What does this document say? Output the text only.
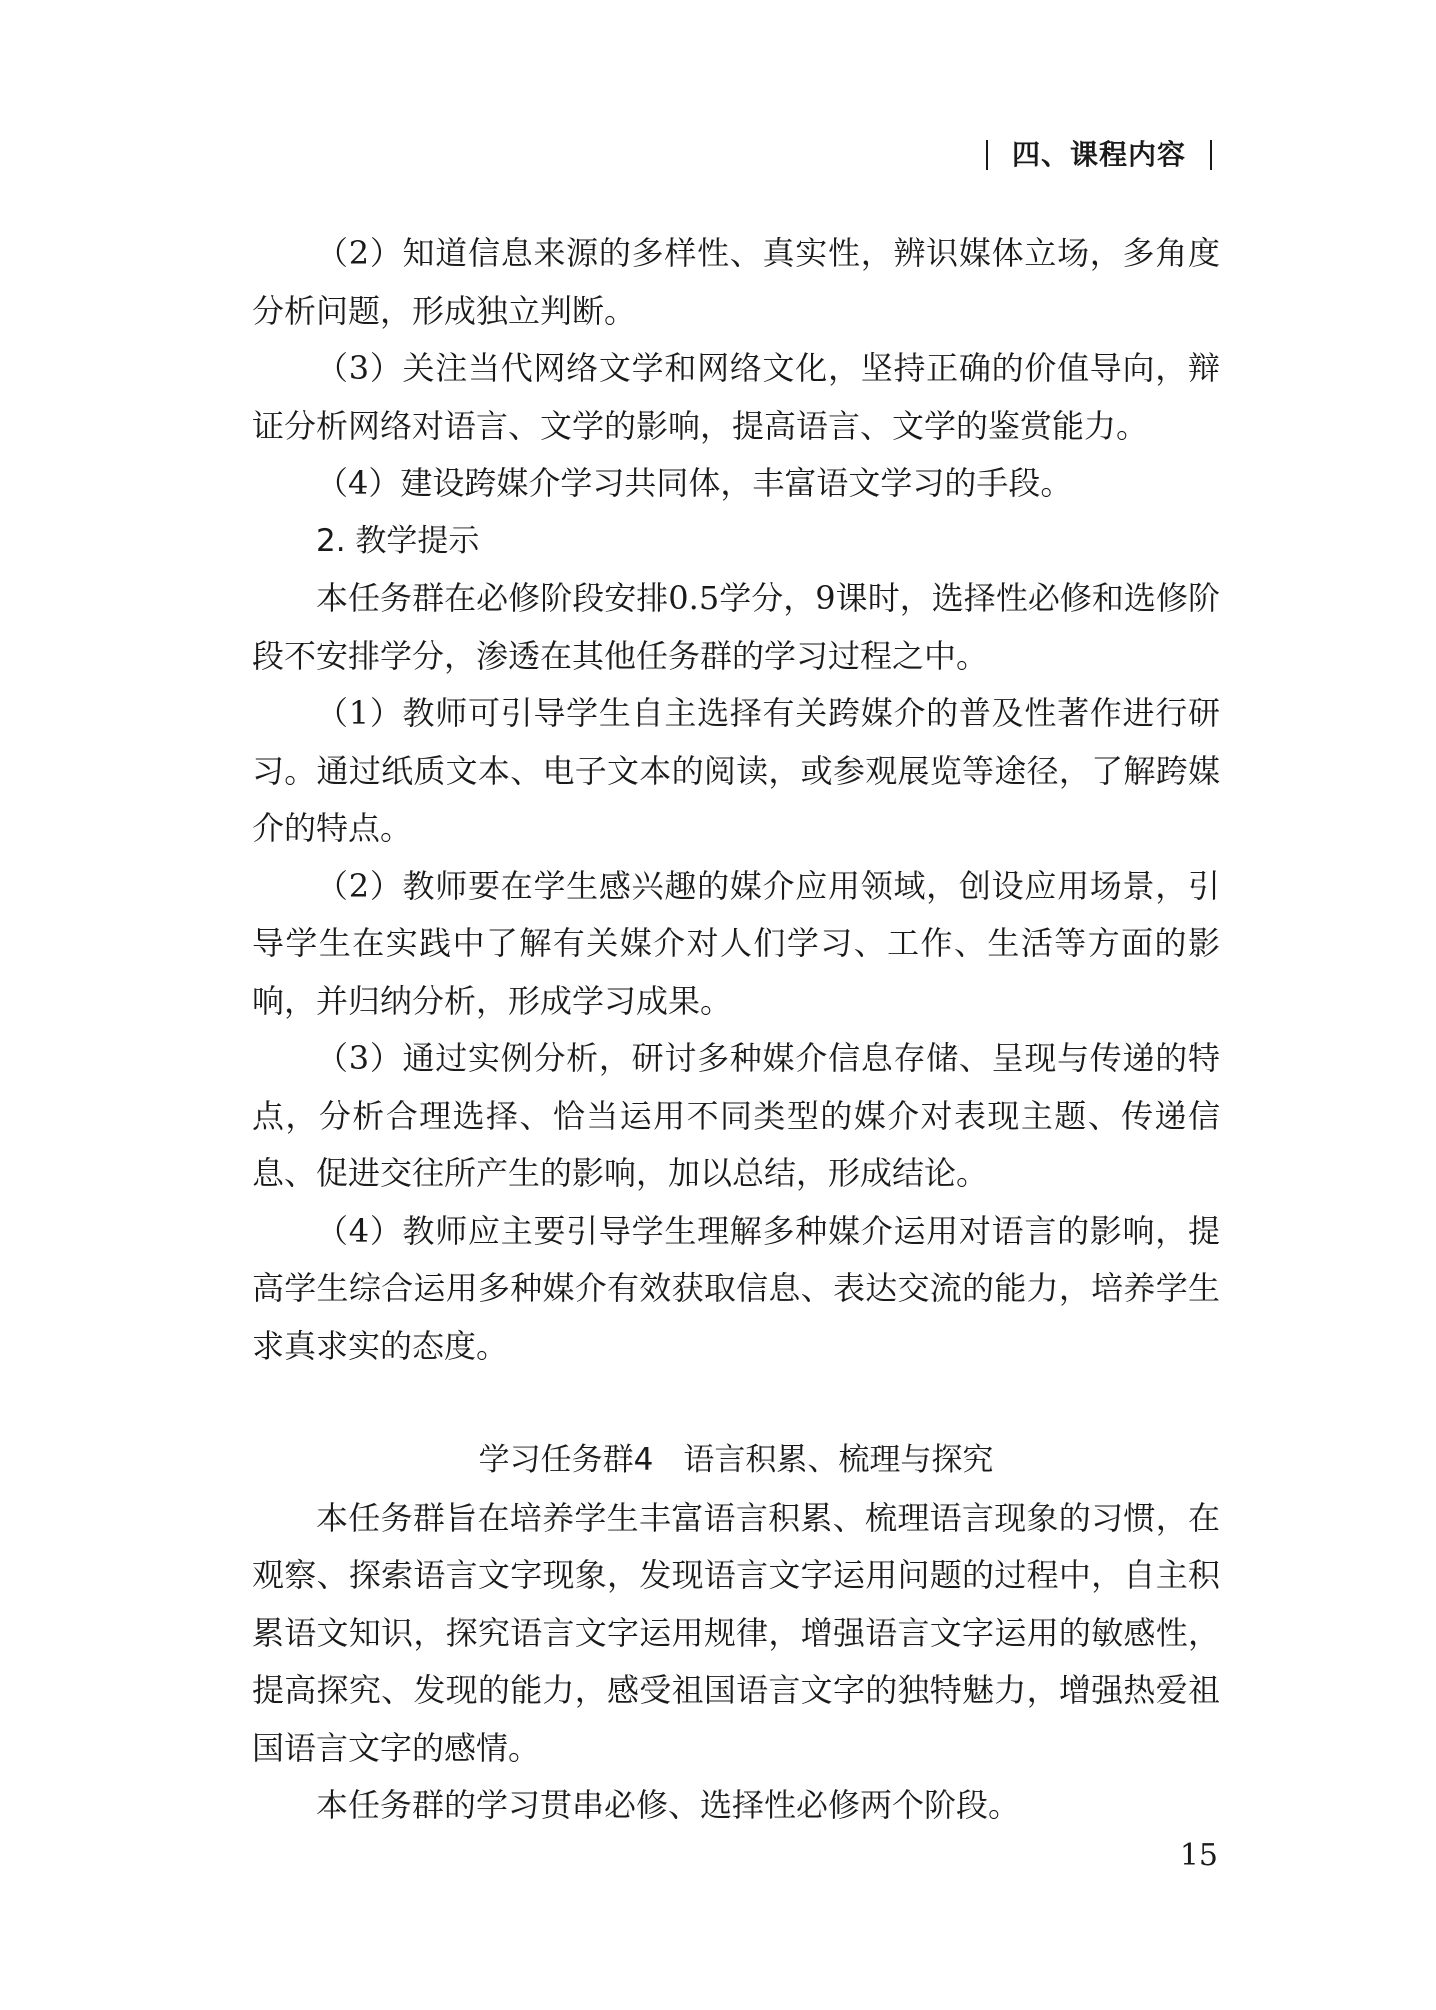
四、课程内容

（2）知道信息来源的多样性、真实性，辨识媒体立场，多角度分析问题，形成独立判断。

（3）关注当代网络文学和网络文化，坚持正确的价值导向，辩证分析网络对语言、文学的影响，提高语言、文学的鉴赏能力。

（4）建设跨媒介学习共同体，丰富语文学习的手段。

2. 教学提示

本任务群在必修阶段安排0.5学分，9课时，选择性必修和选修阶段不安排学分，渗透在其他任务群的学习过程之中。

（1）教师可引导学生自主选择有关跨媒介的普及性著作进行研习。通过纸质文本、电子文本的阅读，或参观展览等途径，了解跨媒介的特点。

（2）教师要在学生感兴趣的媒介应用领域，创设应用场景，引导学生在实践中了解有关媒介对人们学习、工作、生活等方面的影响，并归纳分析，形成学习成果。

（3）通过实例分析，研讨多种媒介信息存储、呈现与传递的特点，分析合理选择、恰当运用不同类型的媒介对表现主题、传递信息、促进交往所产生的影响，加以总结，形成结论。

（4）教师应主要引导学生理解多种媒介运用对语言的影响，提高学生综合运用多种媒介有效获取信息、表达交流的能力，培养学生求真求实的态度。

学习任务群4 语言积累、梳理与探究

本任务群旨在培养学生丰富语言积累、梳理语言现象的习惯，在观察、探索语言文字现象，发现语言文字运用问题的过程中，自主积累语文知识，探究语言文字运用规律，增强语言文字运用的敏感性，提高探究、发现的能力，感受祖国语言文字的独特魅力，增强热爱祖国语言文字的感情。

本任务群的学习贯串必修、选择性必修两个阶段。

15
